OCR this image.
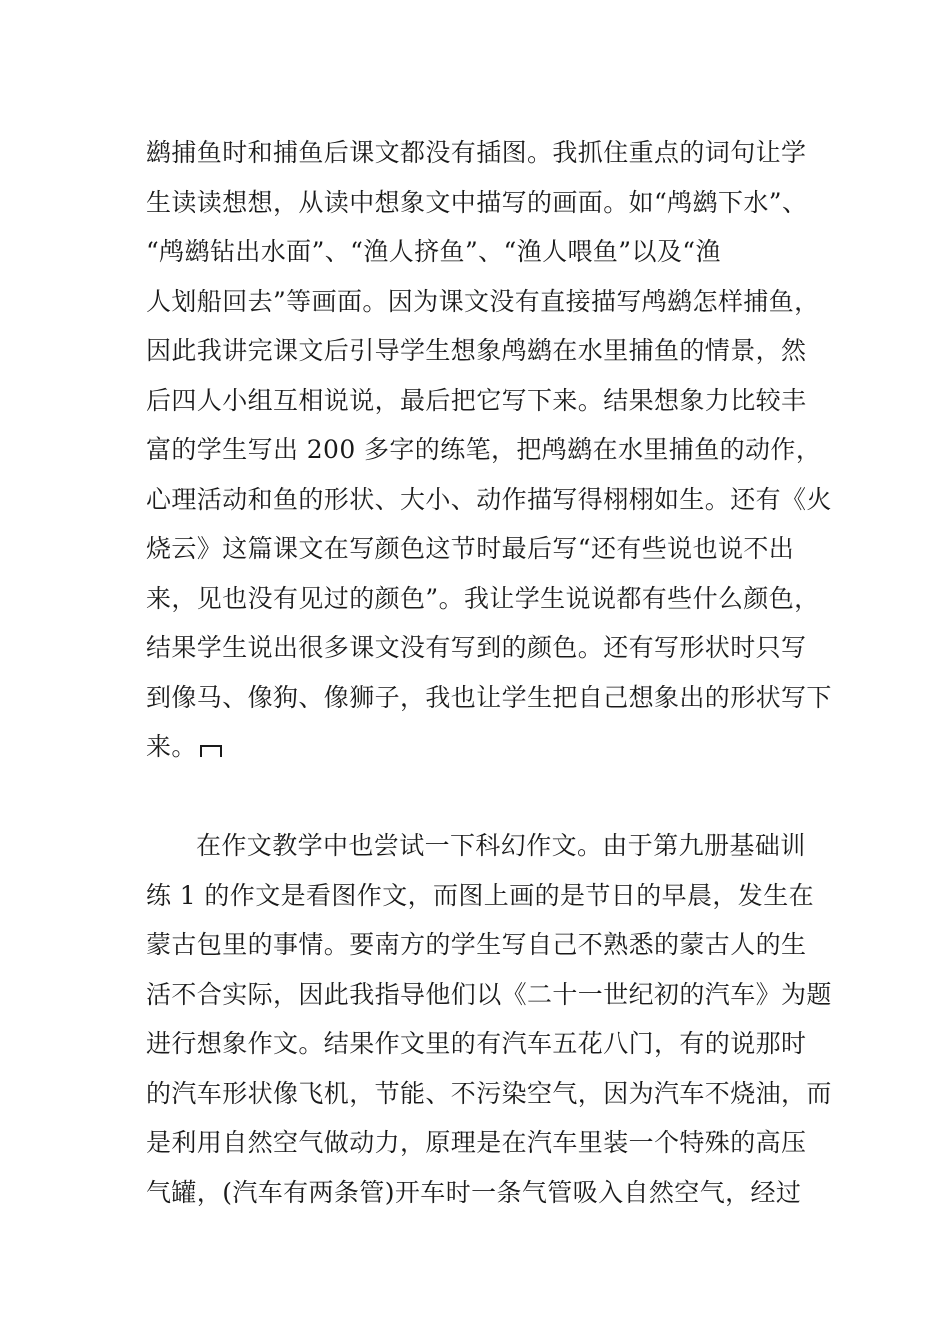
鹚捕鱼时和捕鱼后课文都没有插图。我抓住重点的词句让学
生读读想想，从读中想象文中描写的画面。如“鸬鹚下水”、
“鸬鹚钻出水面”、“渔人挤鱼”、“渔人喂鱼”以及“渔
人划船回去”等画面。因为课文没有直接描写鸬鹚怎样捕鱼，
因此我讲完课文后引导学生想象鸬鹚在水里捕鱼的情景，然
后四人小组互相说说，最后把它写下来。结果想象力比较丰
富的学生写出 200 多字的练笔，把鸬鹚在水里捕鱼的动作，
心理活动和鱼的形状、大小、动作描写得栩栩如生。还有《火
烧云》这篇课文在写颜色这节时最后写“还有些说也说不出
来，见也没有见过的颜色”。我让学生说说都有些什么颜色，
结果学生说出很多课文没有写到的颜色。还有写形状时只写
到像马、像狗、像狮子，我也让学生把自己想象出的形状写下
来。
在作文教学中也尝试一下科幻作文。由于第九册基础训
练 1 的作文是看图作文，而图上画的是节日的早晨，发生在
蒙古包里的事情。要南方的学生写自己不熟悉的蒙古人的生
活不合实际，因此我指导他们以《二十一世纪初的汽车》为题
进行想象作文。结果作文里的有汽车五花八门，有的说那时
的汽车形状像飞机，节能、不污染空气，因为汽车不烧油，而
是利用自然空气做动力，原理是在汽车里装一个特殊的高压
气罐，(汽车有两条管)开车时一条气管吸入自然空气，经过
